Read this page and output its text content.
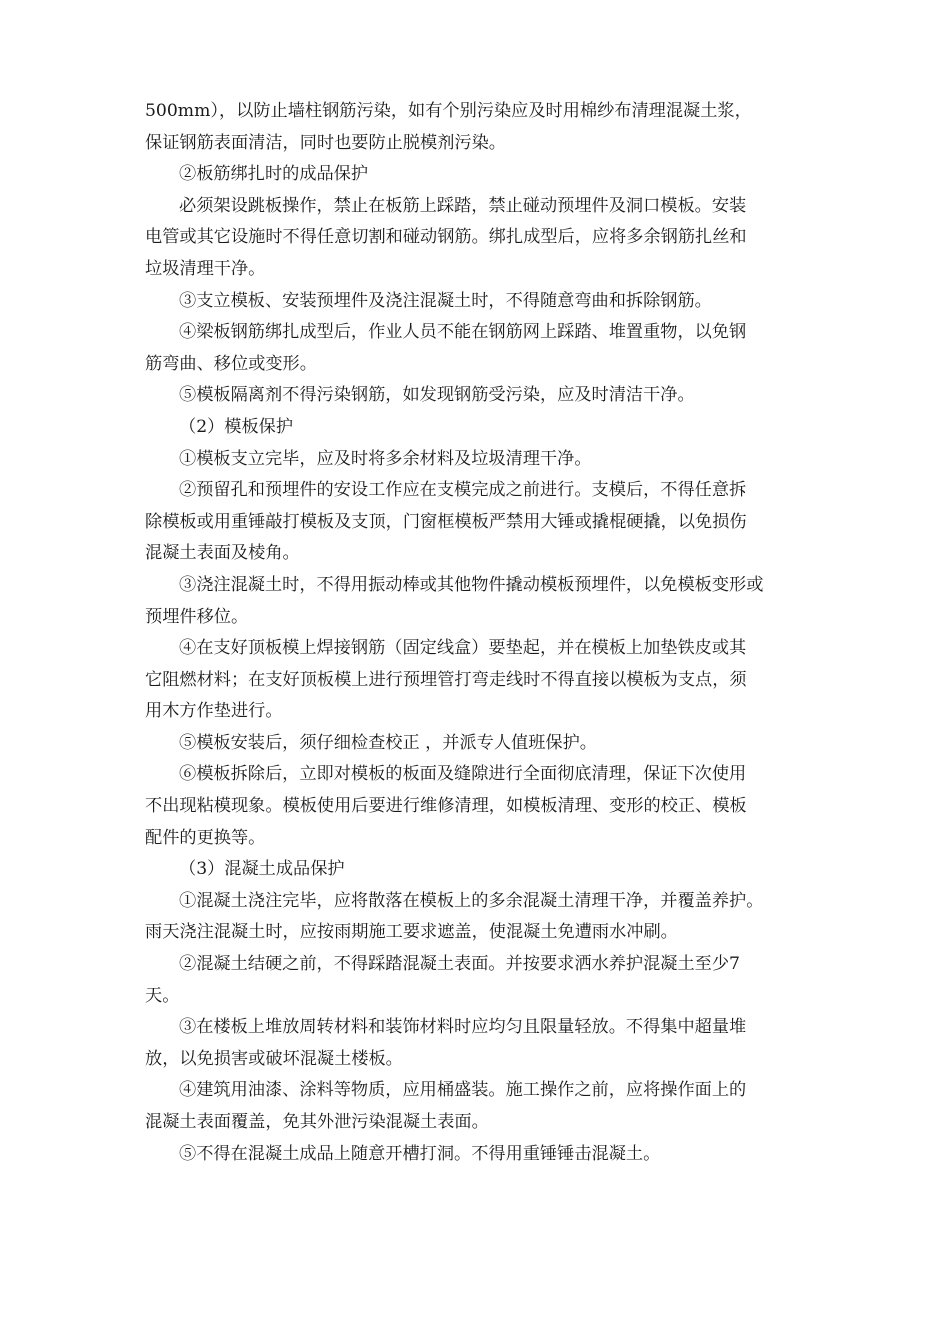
500mm），以防止墙柱钢筋污染，如有个别污染应及时用棉纱布清理混凝土浆，
保证钢筋表面清洁，同时也要防止脱模剂污染。
②板筋绑扎时的成品保护
必须架设跳板操作，禁止在板筋上踩踏，禁止碰动预埋件及洞口模板。安装
电管或其它设施时不得任意切割和碰动钢筋。绑扎成型后，应将多余钢筋扎丝和
垃圾清理干净。
③支立模板、安装预埋件及浇注混凝土时，不得随意弯曲和拆除钢筋。
④梁板钢筋绑扎成型后，作业人员不能在钢筋网上踩踏、堆置重物，以免钢
筋弯曲、移位或变形。
⑤模板隔离剂不得污染钢筋，如发现钢筋受污染，应及时清洁干净。
（2）模板保护
①模板支立完毕，应及时将多余材料及垃圾清理干净。
②预留孔和预埋件的安设工作应在支模完成之前进行。支模后，不得任意拆
除模板或用重锤敲打模板及支顶，门窗框模板严禁用大锤或撬棍硬撬，以免损伤
混凝土表面及棱角。
③浇注混凝土时，不得用振动棒或其他物件撬动模板预埋件，以免模板变形或
预埋件移位。
④在支好顶板模上焊接钢筋（固定线盒）要垫起，并在模板上加垫铁皮或其
它阻燃材料；在支好顶板模上进行预埋管打弯走线时不得直接以模板为支点，须
用木方作垫进行。
⑤模板安装后，须仔细检查校正 ，并派专人值班保护。
⑥模板拆除后，立即对模板的板面及缝隙进行全面彻底清理，保证下次使用
不出现粘模现象。模板使用后要进行维修清理，如模板清理、变形的校正、模板
配件的更换等。
（3）混凝土成品保护
①混凝土浇注完毕，应将散落在模板上的多余混凝土清理干净，并覆盖养护。
雨天浇注混凝土时，应按雨期施工要求遮盖，使混凝土免遭雨水冲刷。
②混凝土结硬之前，不得踩踏混凝土表面。并按要求洒水养护混凝土至少7
天。
③在楼板上堆放周转材料和装饰材料时应均匀且限量轻放。不得集中超量堆
放，以免损害或破坏混凝土楼板。
④建筑用油漆、涂料等物质，应用桶盛装。施工操作之前，应将操作面上的
混凝土表面覆盖，免其外泄污染混凝土表面。
⑤不得在混凝土成品上随意开槽打洞。不得用重锤锤击混凝土。
